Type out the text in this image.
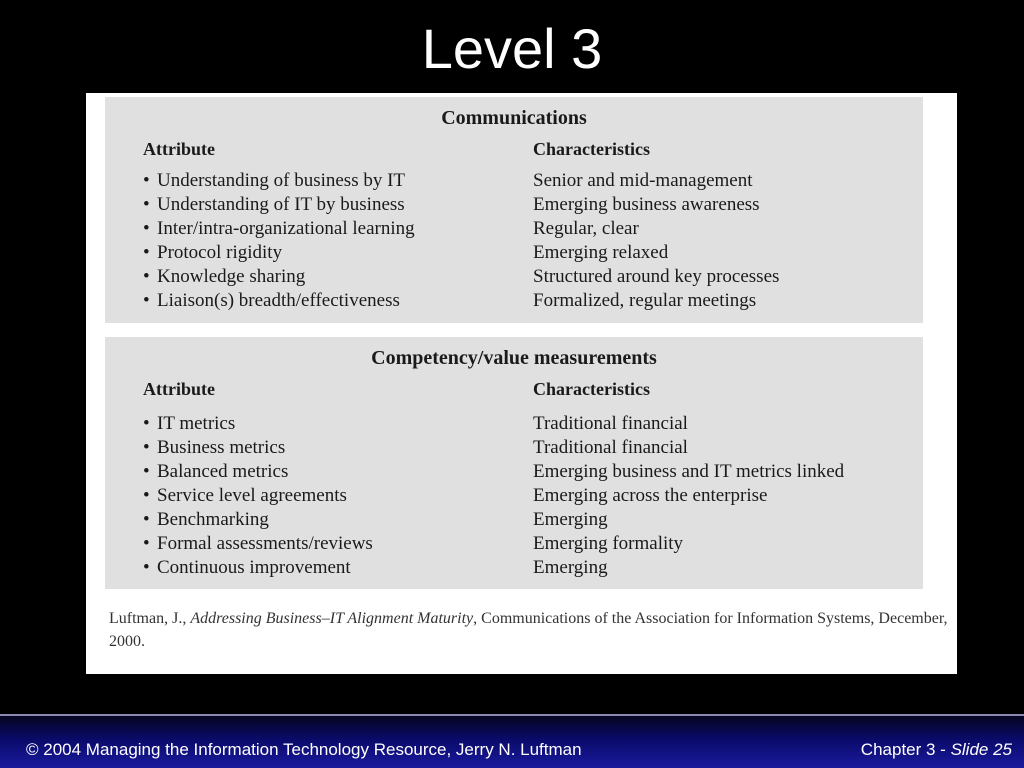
Level 3
Communications
Attribute	Characteristics
• Understanding of business by IT	Senior and mid-management
• Understanding of IT by business	Emerging business awareness
• Inter/intra-organizational learning	Regular, clear
• Protocol rigidity	Emerging relaxed
• Knowledge sharing	Structured around key processes
• Liaison(s) breadth/effectiveness	Formalized, regular meetings
Competency/value measurements
Attribute	Characteristics
• IT metrics	Traditional financial
• Business metrics	Traditional financial
• Balanced metrics	Emerging business and IT metrics linked
• Service level agreements	Emerging across the enterprise
• Benchmarking	Emerging
• Formal assessments/reviews	Emerging formality
• Continuous improvement	Emerging
Luftman, J., Addressing Business–IT Alignment Maturity, Communications of the Association for Information Systems, December, 2000.
© 2004 Managing the Information Technology Resource, Jerry N. Luftman	Chapter 3 - Slide 25
